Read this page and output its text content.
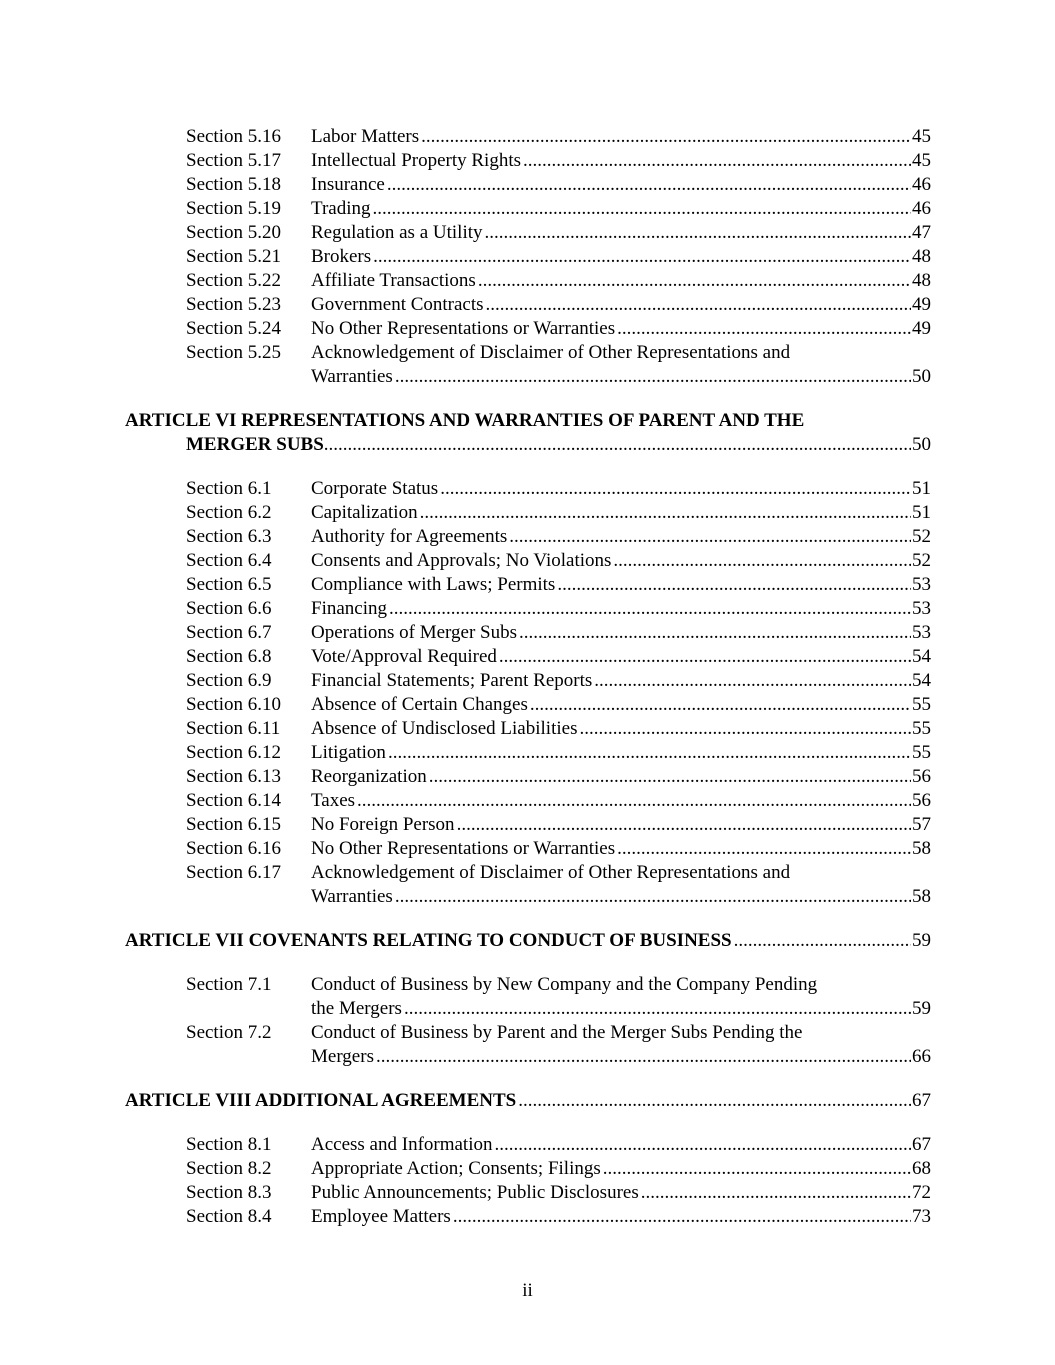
Section 5.16 Labor Matters .....	45
Section 5.17 Intellectual Property Rights .....	45
Section 5.18 Insurance .....	46
Section 5.19 Trading .....	46
Section 5.20 Regulation as a Utility .....	47
Section 5.21 Brokers .....	48
Section 5.22 Affiliate Transactions .....	48
Section 5.23 Government Contracts .....	49
Section 5.24 No Other Representations or Warranties .....	49
Section 5.25 Acknowledgement of Disclaimer of Other Representations and
Warranties .....	50
ARTICLE VI REPRESENTATIONS AND WARRANTIES OF PARENT AND THE
MERGER SUBS .....	50
Section 6.1 Corporate Status .....	51
Section 6.2 Capitalization .....	51
Section 6.3 Authority for Agreements .....	52
Section 6.4 Consents and Approvals; No Violations .....	52
Section 6.5 Compliance with Laws; Permits .....	53
Section 6.6 Financing .....	53
Section 6.7 Operations of Merger Subs .....	53
Section 6.8 Vote/Approval Required .....	54
Section 6.9 Financial Statements; Parent Reports .....	54
Section 6.10 Absence of Certain Changes .....	55
Section 6.11 Absence of Undisclosed Liabilities .....	55
Section 6.12 Litigation .....	55
Section 6.13 Reorganization .....	56
Section 6.14 Taxes .....	56
Section 6.15 No Foreign Person .....	57
Section 6.16 No Other Representations or Warranties .....	58
Section 6.17 Acknowledgement of Disclaimer of Other Representations and
Warranties .....	58
ARTICLE VII COVENANTS RELATING TO CONDUCT OF BUSINESS .....	59
Section 7.1 Conduct of Business by New Company and the Company Pending
the Mergers .....	59
Section 7.2 Conduct of Business by Parent and the Merger Subs Pending the
Mergers .....	66
ARTICLE VIII ADDITIONAL AGREEMENTS .....	67
Section 8.1 Access and Information .....	67
Section 8.2 Appropriate Action; Consents; Filings .....	68
Section 8.3 Public Announcements; Public Disclosures .....	72
Section 8.4 Employee Matters .....	73
ii
